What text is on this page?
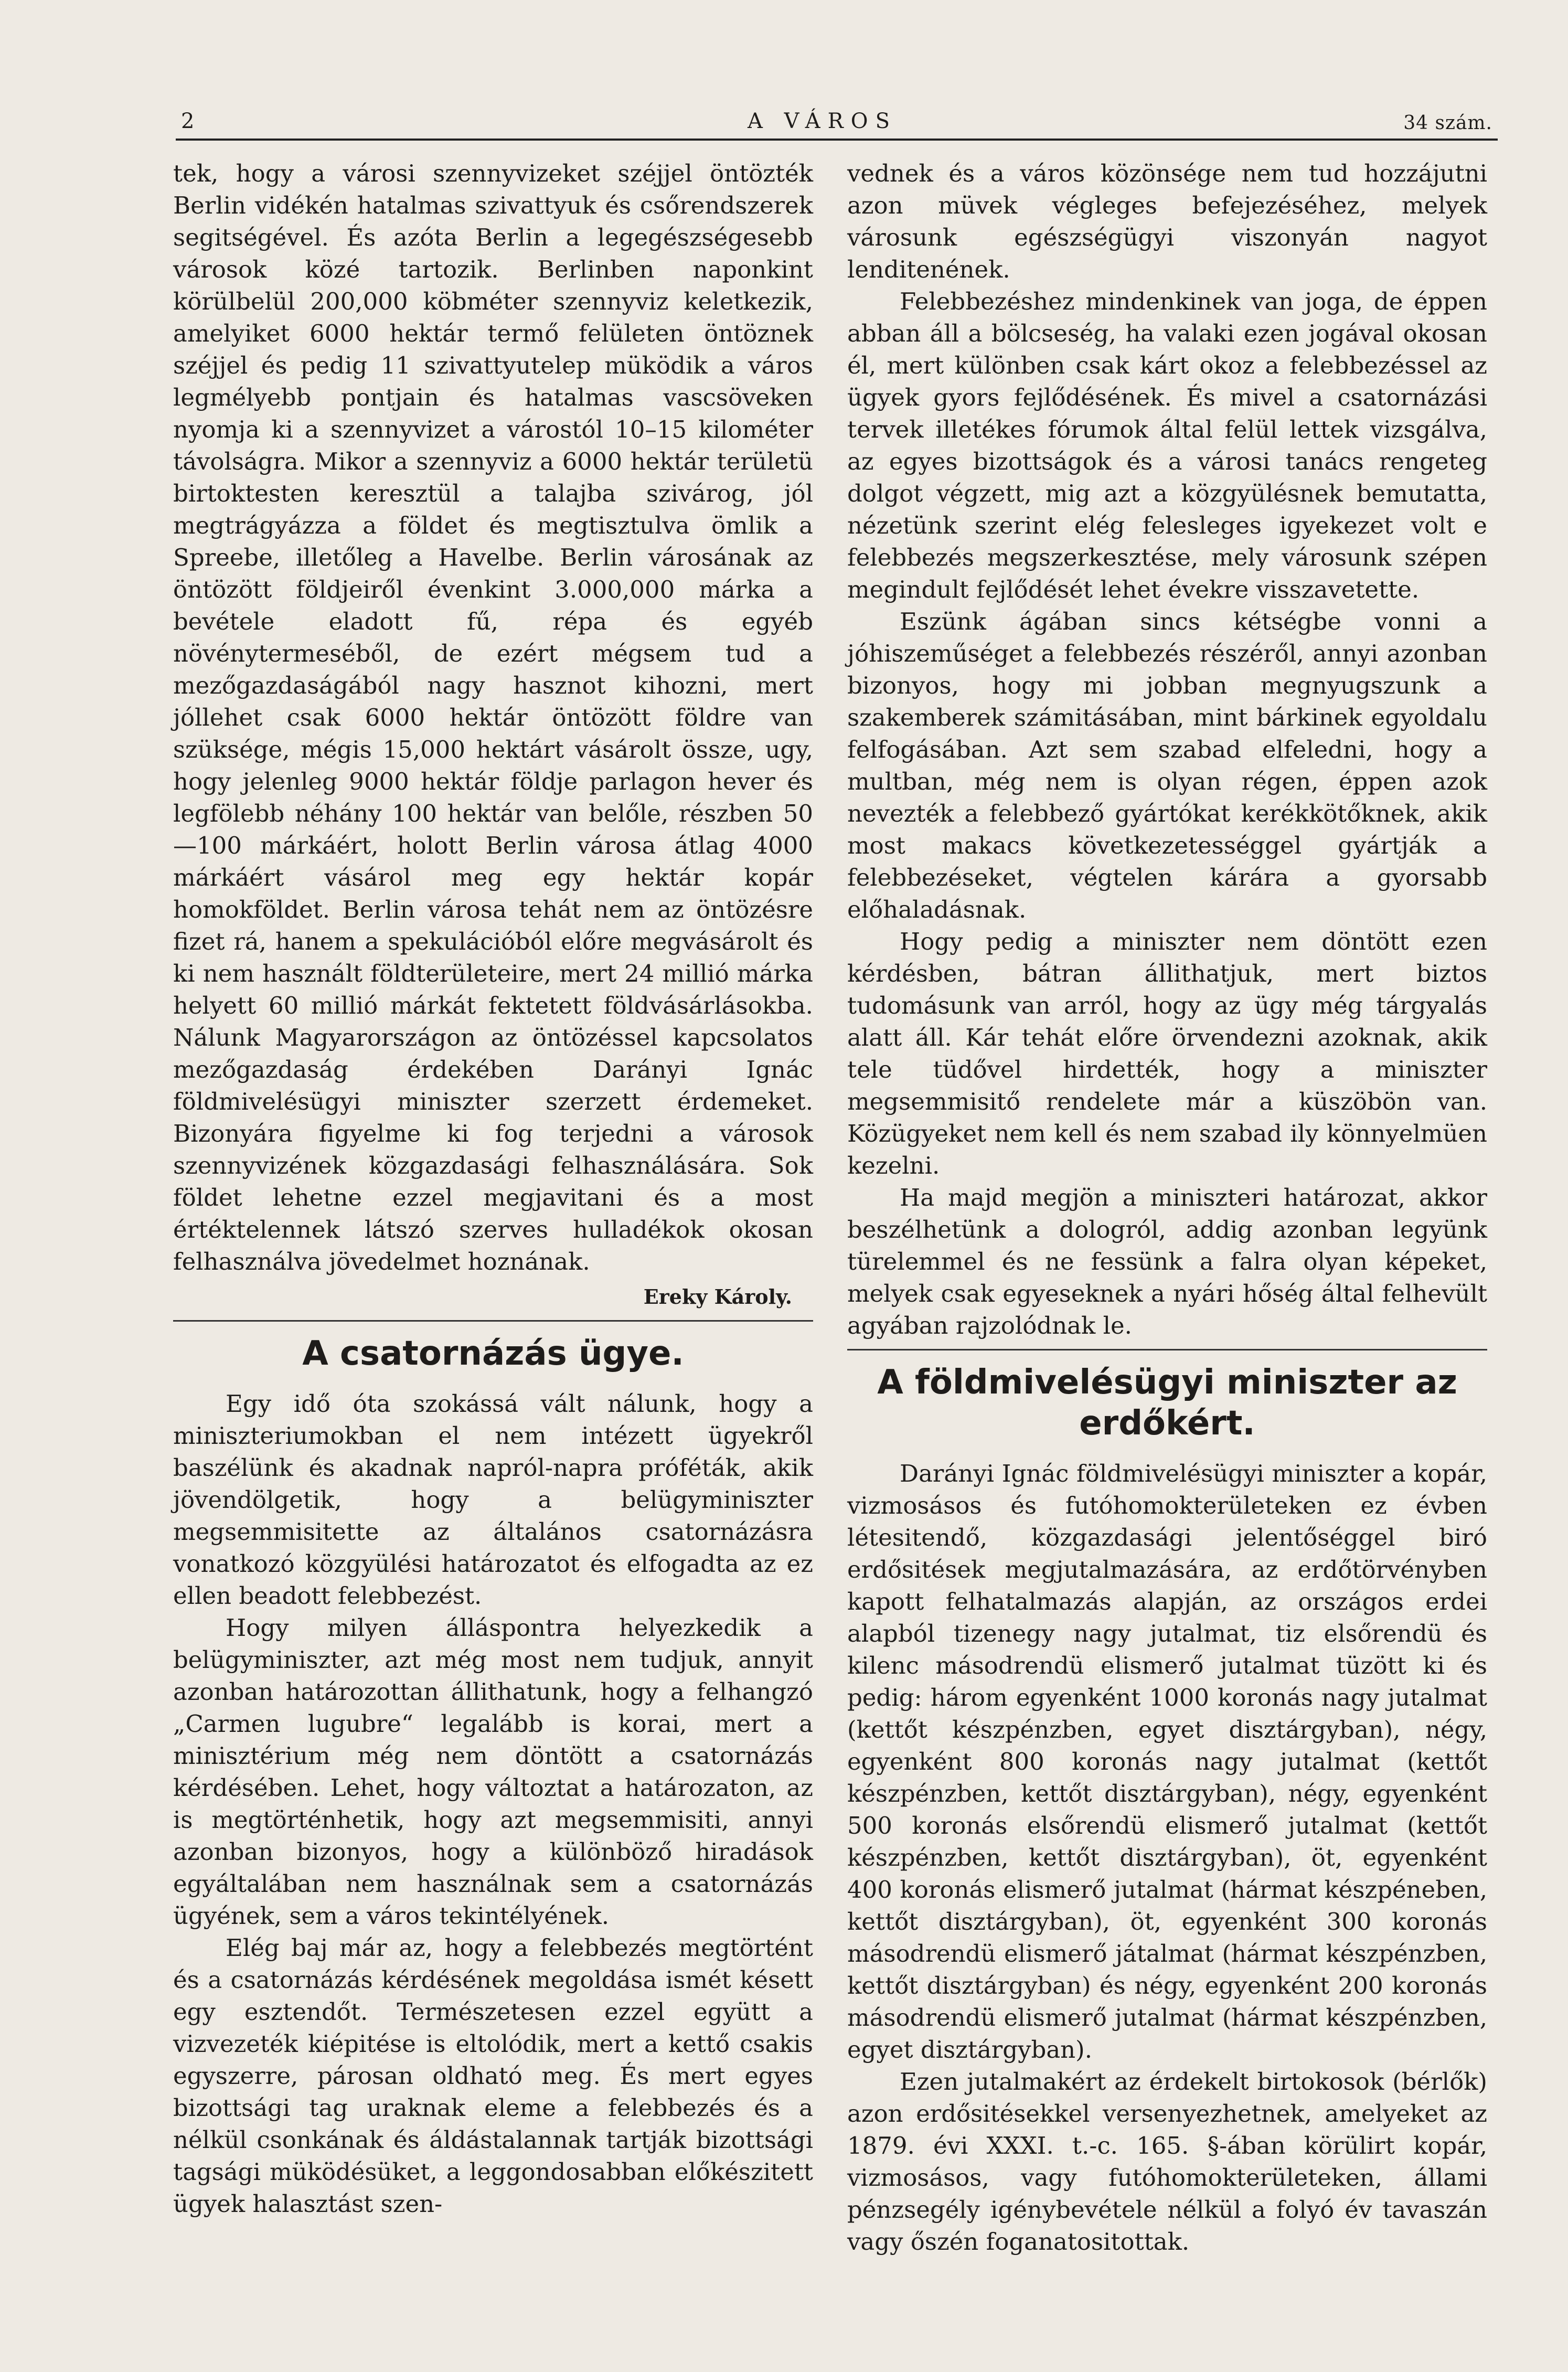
2	A VÁROS	34 szám.

tek, hogy a városi szennyvizeket széjjel öntözték Berlin vidékén hatalmas szivattyuk és csőrendszerek segitségével. És azóta Berlin a legegészségesebb városok közé tartozik. Berlinben naponkint körülbelül 200,000 köbméter szennyviz keletkezik, amelyiket 6000 hektár termő felületen öntöznek széjjel és pedig 11 szivattyutelep müködik a város legmélyebb pontjain és hatalmas vascsöveken nyomja ki a szennyvizet a várostól 10–15 kilométer távolságra. Mikor a szennyviz a 6000 hektár területü birtoktesten keresztül a talajba szivárog, jól megtrágyázza a földet és megtisztulva ömlik a Spreebe, illetőleg a Havelbe. Berlin városának az öntözött földjeiről évenkint 3.000,000 márka a bevétele eladott fű, répa és egyéb növénytermeséből, de ezért mégsem tud a mezőgazdaságából nagy hasznot kihozni, mert jóllehet csak 6000 hektár öntözött földre van szüksége, mégis 15,000 hektárt vásárolt össze, ugy, hogy jelenleg 9000 hektár földje parlagon hever és legfölebb néhány 100 hektár van belőle, részben 50—100 márkáért, holott Berlin városa átlag 4000 márkáért vásárol meg egy hektár kopár homokföldet. Berlin városa tehát nem az öntözésre fizet rá, hanem a spekulációból előre megvásárolt és ki nem használt földterületeire, mert 24 millió márka helyett 60 millió márkát fektetett földvásárlásokba. Nálunk Magyarországon az öntözéssel kapcsolatos mezőgazdaság érdekében Darányi Ignác földmivelésügyi miniszter szerzett érdemeket. Bizonyára figyelme ki fog terjedni a városok szennyvizének közgazdasági felhasználására. Sok földet lehetne ezzel megjavitani és a most értéktelennek látszó szerves hulladékok okosan felhasználva jövedelmet hoznának.

Ereky Károly.
A csatornázás ügye.

Egy idő óta szokássá vált nálunk, hogy a miniszteriumokban el nem intézett ügyekről baszélünk és akadnak napról-napra próféták, akik jövendölgetik, hogy a belügyminiszter megsemmisitette az általános csatornázásra vonatkozó közgyülési határozatot és elfogadta az ez ellen beadott felebbezést.

Hogy milyen álláspontra helyezkedik a belügyminiszter, azt még most nem tudjuk, annyit azonban határozottan állithatunk, hogy a felhangzó „Carmen lugubre“ legalább is korai, mert a minisztérium még nem döntött a csatornázás kérdésében. Lehet, hogy változtat a határozaton, az is megtörténhetik, hogy azt megsemmisiti, annyi azonban bizonyos, hogy a különböző hiradások egyáltalában nem használnak sem a csatornázás ügyének, sem a város tekintélyének.

Elég baj már az, hogy a felebbezés megtörtént és a csatornázás kérdésének megoldása ismét késett egy esztendőt. Természetesen ezzel együtt a vizvezeték kiépitése is eltolódik, mert a kettő csakis egyszerre, párosan oldható meg. És mert egyes bizottsági tag uraknak eleme a felebbezés és a nélkül csonkának és áldástalannak tartják bizottsági tagsági müködésüket, a leggondosabban előkészitett ügyek halasztást szen-

vednek és a város közönsége nem tud hozzájutni azon müvek végleges befejezéséhez, melyek városunk egészségügyi viszonyán nagyot lenditenének.

Felebbezéshez mindenkinek van joga, de éppen abban áll a bölcseség, ha valaki ezen jogával okosan él, mert különben csak kárt okoz a felebbezéssel az ügyek gyors fejlődésének. És mivel a csatornázási tervek illetékes fórumok által felül lettek vizsgálva, az egyes bizottságok és a városi tanács rengeteg dolgot végzett, mig azt a közgyülésnek bemutatta, nézetünk szerint elég felesleges igyekezet volt e felebbezés megszerkesztése, mely városunk szépen megindult fejlődését lehet évekre visszavetette.

Eszünk ágában sincs kétségbe vonni a jóhiszeműséget a felebbezés részéről, annyi azonban bizonyos, hogy mi jobban megnyugszunk a szakemberek számitásában, mint bárkinek egyoldalu felfogásában. Azt sem szabad elfeledni, hogy a multban, még nem is olyan régen, éppen azok nevezték a felebbező gyártókat kerékkötőknek, akik most makacs következetességgel gyártják a felebbezéseket, végtelen kárára a gyorsabb előhaladásnak.

Hogy pedig a miniszter nem döntött ezen kérdésben, bátran állithatjuk, mert biztos tudomásunk van arról, hogy az ügy még tárgyalás alatt áll. Kár tehát előre örvendezni azoknak, akik tele tüdővel hirdették, hogy a miniszter megsemmisitő rendelete már a küszöbön van. Közügyeket nem kell és nem szabad ily könnyelmüen kezelni.

Ha majd megjön a miniszteri határozat, akkor beszélhetünk a dologról, addig azonban legyünk türelemmel és ne fessünk a falra olyan képeket, melyek csak egyeseknek a nyári hőség által felhevült agyában rajzolódnak le.

A földmivelésügyi miniszter az erdőkért.

Darányi Ignác földmivelésügyi miniszter a kopár, vizmosásos és futóhomokterületeken ez évben létesitendő, közgazdasági jelentőséggel biró erdősitések megjutalmazására, az erdőtörvényben kapott felhatalmazás alapján, az országos erdei alapból tizenegy nagy jutalmat, tiz elsőrendü és kilenc másodrendü elismerő jutalmat tüzött ki és pedig: három egyenként 1000 koronás nagy jutalmat (kettőt készpénzben, egyet disztárgyban), négy, egyenként 800 koronás nagy jutalmat (kettőt készpénzben, kettőt disztárgyban), négy, egyenként 500 koronás elsőrendü elismerő jutalmat (kettőt készpénzben, kettőt disztárgyban), öt, egyenként 400 koronás elismerő jutalmat (hármat készpéneben, kettőt disztárgyban), öt, egyenként 300 koronás másodrendü elismerő játalmat (hármat készpénzben, kettőt disztárgyban) és négy, egyenként 200 koronás másodrendü elismerő jutalmat (hármat készpénzben, egyet disztárgyban).

Ezen jutalmakért az érdekelt birtokosok (bérlők) azon erdősitésekkel versenyezhetnek, amelyeket az 1879. évi XXXI. t.-c. 165. §-ában körülirt kopár, vizmosásos, vagy futóhomokterületeken, állami pénzsegély igénybevétele nélkül a folyó év tavaszán vagy őszén foganatositottak.
